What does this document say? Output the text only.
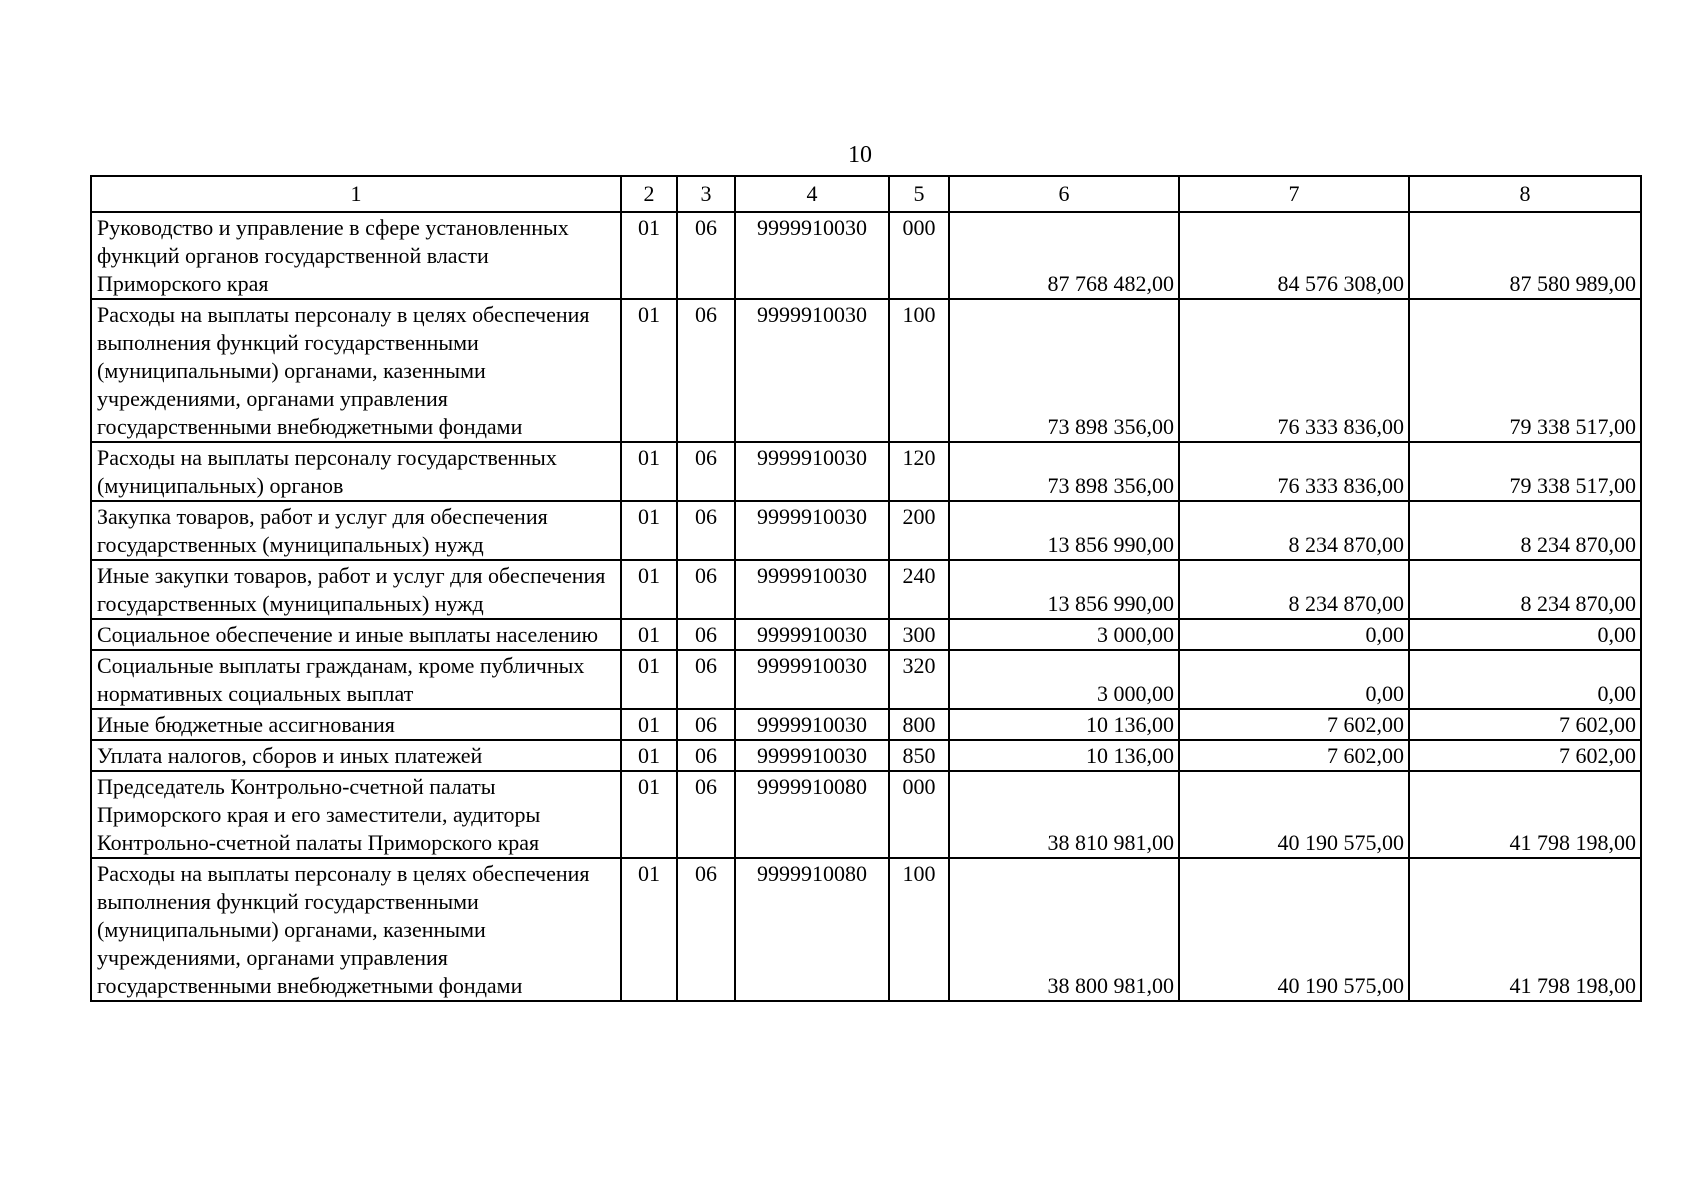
10
1	2	3	4	5	6	7	8
Руководство и управление в сфере установленных функций органов государственной власти Приморского края	01	06	9999910030	000	87 768 482,00	84 576 308,00	87 580 989,00
Расходы на выплаты персоналу в целях обеспечения выполнения функций государственными (муниципальными) органами, казенными учреждениями, органами управления государственными внебюджетными фондами	01	06	9999910030	100	73 898 356,00	76 333 836,00	79 338 517,00
Расходы на выплаты персоналу государственных (муниципальных) органов	01	06	9999910030	120	73 898 356,00	76 333 836,00	79 338 517,00
Закупка товаров, работ и услуг для обеспечения государственных (муниципальных) нужд	01	06	9999910030	200	13 856 990,00	8 234 870,00	8 234 870,00
Иные закупки товаров, работ и услуг для обеспечения государственных (муниципальных) нужд	01	06	9999910030	240	13 856 990,00	8 234 870,00	8 234 870,00
Социальное обеспечение и иные выплаты населению	01	06	9999910030	300	3 000,00	0,00	0,00
Социальные выплаты гражданам, кроме публичных нормативных социальных выплат	01	06	9999910030	320	3 000,00	0,00	0,00
Иные бюджетные ассигнования	01	06	9999910030	800	10 136,00	7 602,00	7 602,00
Уплата налогов, сборов и иных платежей	01	06	9999910030	850	10 136,00	7 602,00	7 602,00
Председатель Контрольно-счетной палаты Приморского края и его заместители, аудиторы Контрольно-счетной палаты Приморского края	01	06	9999910080	000	38 810 981,00	40 190 575,00	41 798 198,00
Расходы на выплаты персоналу в целях обеспечения выполнения функций государственными (муниципальными) органами, казенными учреждениями, органами управления государственными внебюджетными фондами	01	06	9999910080	100	38 800 981,00	40 190 575,00	41 798 198,00
